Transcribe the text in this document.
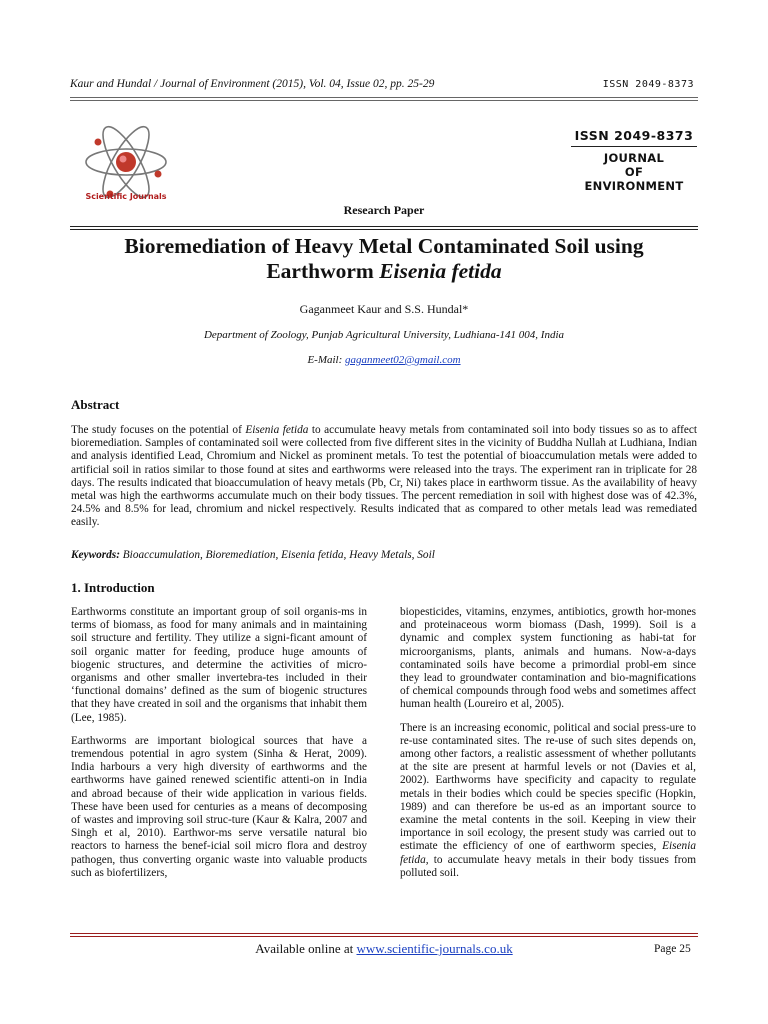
Kaur and Hundal / Journal of Environment (2015), Vol. 04, Issue 02, pp. 25-29	ISSN 2049-8373
Scientific Journals
ISSN 2049-8373
JOURNAL
OF
ENVIRONMENT
Research Paper
Bioremediation of Heavy Metal Contaminated Soil using
Earthworm Eisenia fetida
Gaganmeet Kaur and S.S. Hundal*
Department of Zoology, Punjab Agricultural University, Ludhiana-141 004, India
E-Mail: gaganmeet02@gmail.com
Abstract
The study focuses on the potential of Eisenia fetida to accumulate heavy metals from contaminated soil into body tissues so as to affect bioremediation. Samples of contaminated soil were collected from five different sites in the vicinity of Buddha Nullah at Ludhiana, Indian and analysis identified Lead, Chromium and Nickel as prominent metals. To test the potential of bioaccumulation metals were added to artificial soil in ratios similar to those found at sites and earthworms were released into the trays. The experiment ran in triplicate for 28 days. The results indicated that bioaccumulation of heavy metals (Pb, Cr, Ni) takes place in earthworm tissue. As the availability of heavy metal was high the earthworms accumulate much on their body tissues. The percent remediation in soil with highest dose was of 42.3%, 24.5% and 8.5% for lead, chromium and nickel respectively. Results indicated that as compared to other metals lead was remediated easily.
Keywords: Bioaccumulation, Bioremediation, Eisenia fetida, Heavy Metals, Soil
1. Introduction

Earthworms constitute an important group of soil organis-ms in terms of biomass, as food for many animals and in maintaining soil structure and fertility. They utilize a signi-ficant amount of soil organic matter for feeding, produce huge amounts of biogenic structures, and determine the activities of micro-organisms and other smaller invertebra-tes included in their ‘functional domains’ defined as the sum of biogenic structures that they have created in soil and the organisms that inhabit them (Lee, 1985).

Earthworms are important biological sources that have a tremendous potential in agro system (Sinha & Herat, 2009). India harbours a very high diversity of earthworms and the earthworms have gained renewed scientific attenti-on in India and abroad because of their wide application in various fields. These have been used for centuries as a means of decomposing of wastes and improving soil struc-ture (Kaur & Kalra, 2007 and Singh et al, 2010). Earthwor-ms serve versatile natural bio reactors to harness the benef-icial soil micro flora and destroy pathogen, thus converting organic waste into valuable products such as biofertilizers,

biopesticides, vitamins, enzymes, antibiotics, growth hor-mones and proteinaceous worm biomass (Dash, 1999). Soil is a dynamic and complex system functioning as habi-tat for microorganisms, plants, animals and humans. Now-a-days contaminated soils have become a primordial probl-em since they lead to groundwater contamination and bio-magnifications of chemical compounds through food webs and sometimes affect human health (Loureiro et al, 2005).

There is an increasing economic, political and social press-ure to re-use contaminated sites. The re-use of such sites depends on, among other factors, a realistic assessment of whether pollutants at the site are present at harmful levels or not (Davies et al, 2002). Earthworms have specificity and capacity to regulate metals in their bodies which could be species specific (Hopkin, 1989) and can therefore be us-ed as an important source to examine the metal contents in the soil. Keeping in view their importance in soil ecology, the present study was carried out to estimate the efficiency of one of earthworm species, Eisenia fetida, to accumulate heavy metals in their body tissues from polluted soil.

Available online at www.scientific-journals.co.uk	Page 25
